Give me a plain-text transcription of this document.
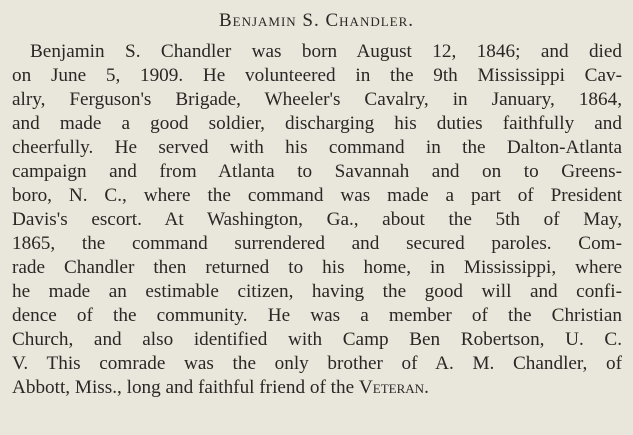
Benjamin S. Chandler.
Benjamin S. Chandler was born August 12, 1846; and died
on June 5, 1909. He volunteered in the 9th Mississippi Cav-
alry, Ferguson's Brigade, Wheeler's Cavalry, in January, 1864,
and made a good soldier, discharging his duties faithfully and
cheerfully. He served with his command in the Dalton-Atlanta
campaign and from Atlanta to Savannah and on to Greens-
boro, N. C., where the command was made a part of President
Davis's escort. At Washington, Ga., about the 5th of May,
1865, the command surrendered and secured paroles. Com-
rade Chandler then returned to his home, in Mississippi, where
he made an estimable citizen, having the good will and confi-
dence of the community. He was a member of the Christian
Church, and also identified with Camp Ben Robertson, U. C.
V. This comrade was the only brother of A. M. Chandler, of
Abbott, Miss., long and faithful friend of the Veteran.
